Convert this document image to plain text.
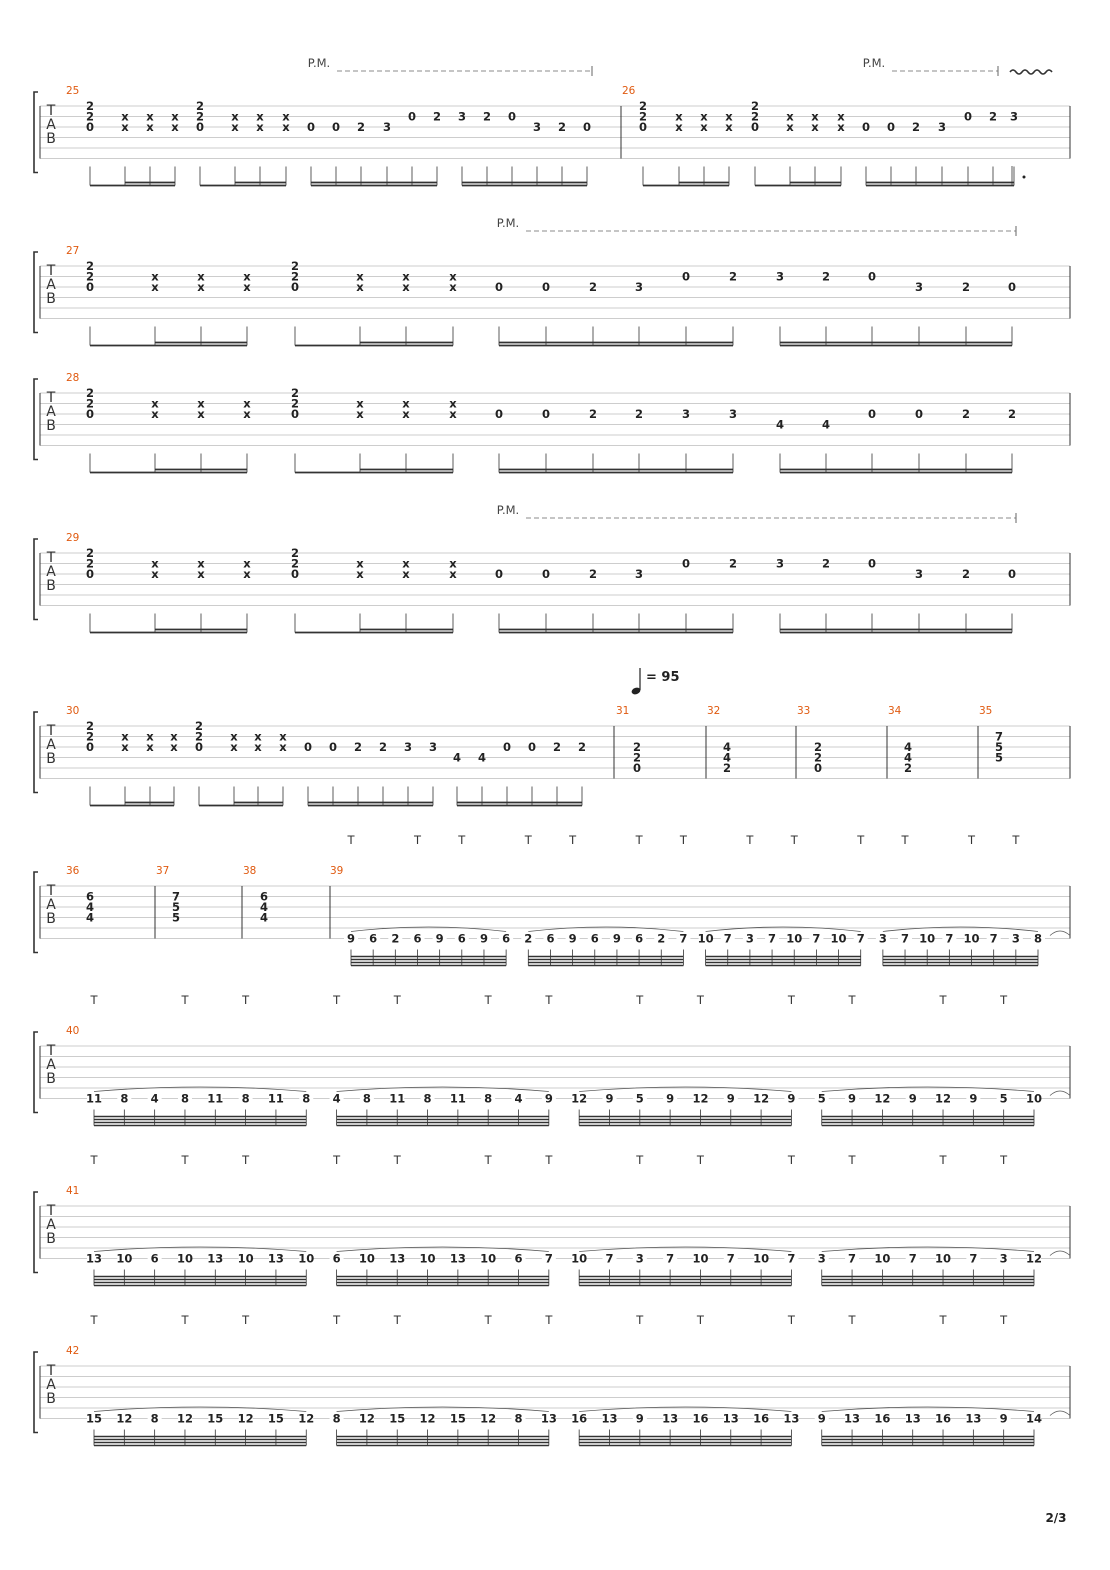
T
A
B
25
2
2
0
x
x
x
x
x
x
2
2
0
x
x
x
x
x
x 0 0 2 3
0 2 3 2 0
3 2 0
26
2
2
0
x
x
x
x
x
x
2
2
0
x
x
x
x
x
x 0 0 2 3
0 2 3
T
A
B
27
2
2
0
x
x
x
x
x
x
2
2
0
x
x
x
x
x
x	0	0	2	3
0	2	3	2	0
3	2	0
T
A
B
28
2
2
0
x
x
x
x
x
x
2
2
0
x
x
x
x
x
x	0	0	2	2	3	3
4	4
0	0	2	2
T
A
B
29
2
2
0
x
x
x
x
x
x
2
2
0
x
x
x
x
x
x	0	0	2	3
0	2	3	2	0
3	2	0
T
A
B
30
2
2
0
x
x
x
x
x
x
2
2
0
x
x
x
x
x
x 0 0 2 2 3 3
4 4
0 0 2 2
31
2
2
0
32
4
4
2
33
2
2
0
34
4
4
2
35
7
5
5
T
A
B
36
6
4
4
37
7
5
5
38
6
4
4
39
9 6 2 6 9 6 9 6 2 6 9 6 9 6 2 7 10 7 3 7 10 7 10 7 3 7 10 7 10 7 3 8
T	T	T	T	T	T	T	T	T	T	T	T	T
T
A
B
40
11 8 4 8 11 8 11 8 4 8 11 8 11 8 4 9 12 9 5 9 12 9 12 9 5 9 12 9 12 9 5 10
T	T	T	T	T	T	T	T	T	T	T	T	T
T
A
B
41
13 10 6 10 13 10 13 10 6 10 13 10 13 10 6 7 10 7 3 7 10 7 10 7 3 7 10 7 10 7 3 12
T	T	T	T	T	T	T	T	T	T	T	T	T
T
A
B
42
15 12 8 12 15 12 15 12 8 12 15 12 15 12 8 13 16 13 9 13 16 13 16 13 9 13 16 13 16 13 9 14
T	T	T	T	T	T	T	T	T	T	T	T	T
P.M.	P.M.
P.M.
P.M.
= 95
2/3
